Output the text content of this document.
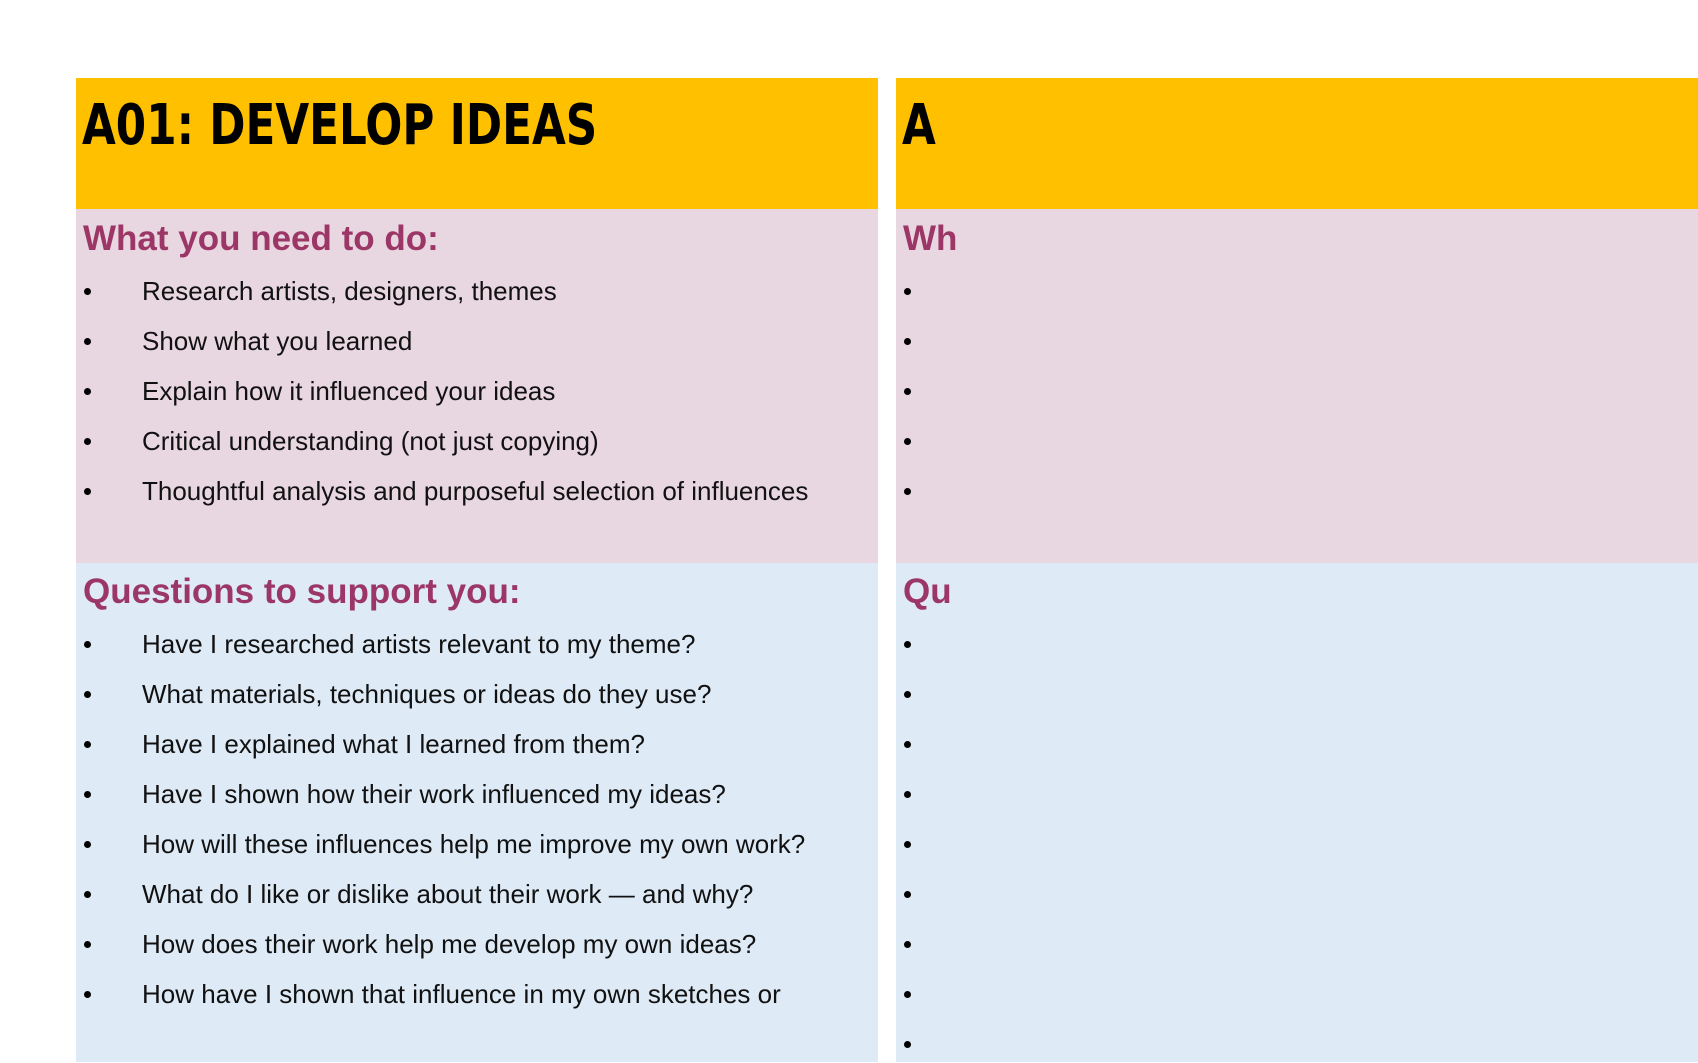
A01: DEVELOP IDEAS
What you need to do:
Research artists, designers, themes
Show what you learned
Explain how it influenced your ideas
Critical understanding (not just copying)
Thoughtful analysis and purposeful selection of influences
Questions to support you:
Have I researched artists relevant to my theme?
What materials, techniques or ideas do they use?
Have I explained what I learned from them?
Have I shown how their work influenced my ideas?
How will these influences help me improve my own work?
What do I like or dislike about their work — and why?
How does their work help me develop my own ideas?
How have I shown that influence in my own sketches or
A
Wh

Qu
